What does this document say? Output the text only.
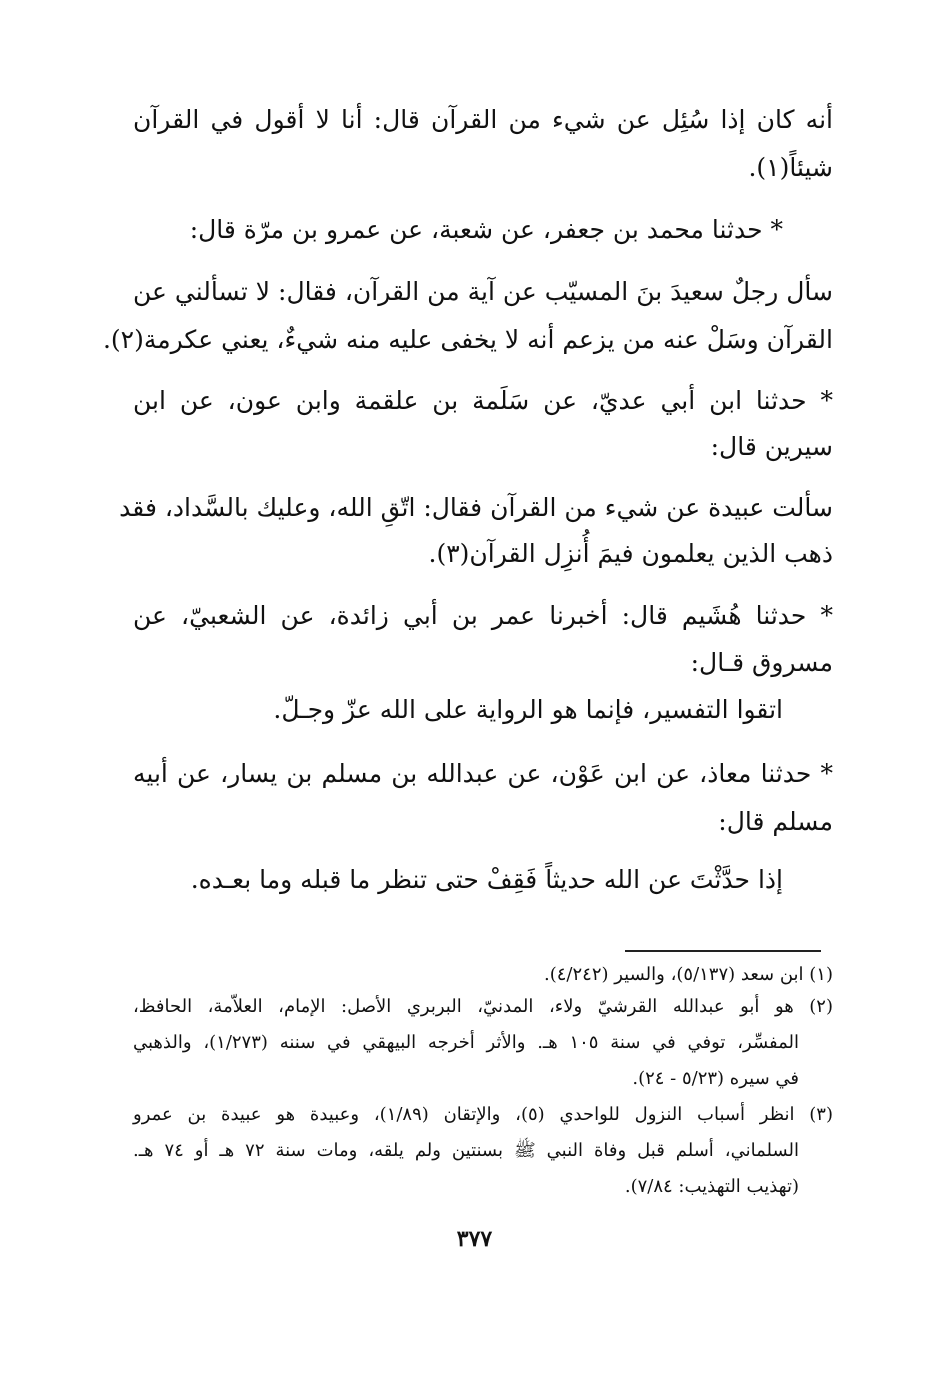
أنه كان إذا سُئِل عن شيء من القرآن قال: أنا لا أقول في القرآن
شيئاً(١).
* حدثنا محمد بن جعفر، عن شعبة، عن عمرو بن مرّة قال:
سأل رجلٌ سعيدَ بنَ المسيّب عن آية من القرآن، فقال: لا تسألني عن
القرآن وسَلْ عنه من يزعم أنه لا يخفى عليه منه شيءٌ، يعني عكرمة(٢).
* حدثنا ابن أبي عديّ، عن سَلَمة بن علقمة وابن عون، عن ابن
سيرين قال:
سألت عبيدة عن شيء من القرآن فقال: اتّقِ الله، وعليك بالسَّداد، فقد
ذهب الذين يعلمون فيمَ أُنزِل القرآن(٣).
* حدثنا هُشَيم قال: أخبرنا عمر بن أبي زائدة، عن الشعبيّ، عن
مسروق قـال:
اتقوا التفسير، فإنما هو الرواية على الله عزّ وجـلّ.
* حدثنا معاذ، عن ابن عَوْن، عن عبدالله بن مسلم بن يسار، عن أبيه
مسلم قال:
إذا حدَّثْتَ عن الله حديثاً فَقِفْ حتى تنظر ما قبله وما بعـده.
(١) ابن سعد (٥/١٣٧)، والسير (٤/٢٤٢).
(٢) هو أبو عبدالله القرشيّ ولاء، المدنيّ، البربري الأصل: الإمام، العلاّمة، الحافظ،
المفسِّر، توفي في سنة ١٠٥ هـ. والأثر أخرجه البيهقي في سننه (١/٢٧٣)، والذهبي
في سيره (٥/٢٣ - ٢٤).
(٣) انظر أسباب النزول للواحدي (٥)، والإتقان (١/٨٩)، وعبيدة هو عبيدة بن عمرو
السلماني، أسلم قبل وفاة النبي ﷺ بسنتين ولم يلقه، ومات سنة ٧٢ هـ أو ٧٤ هـ.
(تهذيب التهذيب: ٧/٨٤).
٣٧٧
